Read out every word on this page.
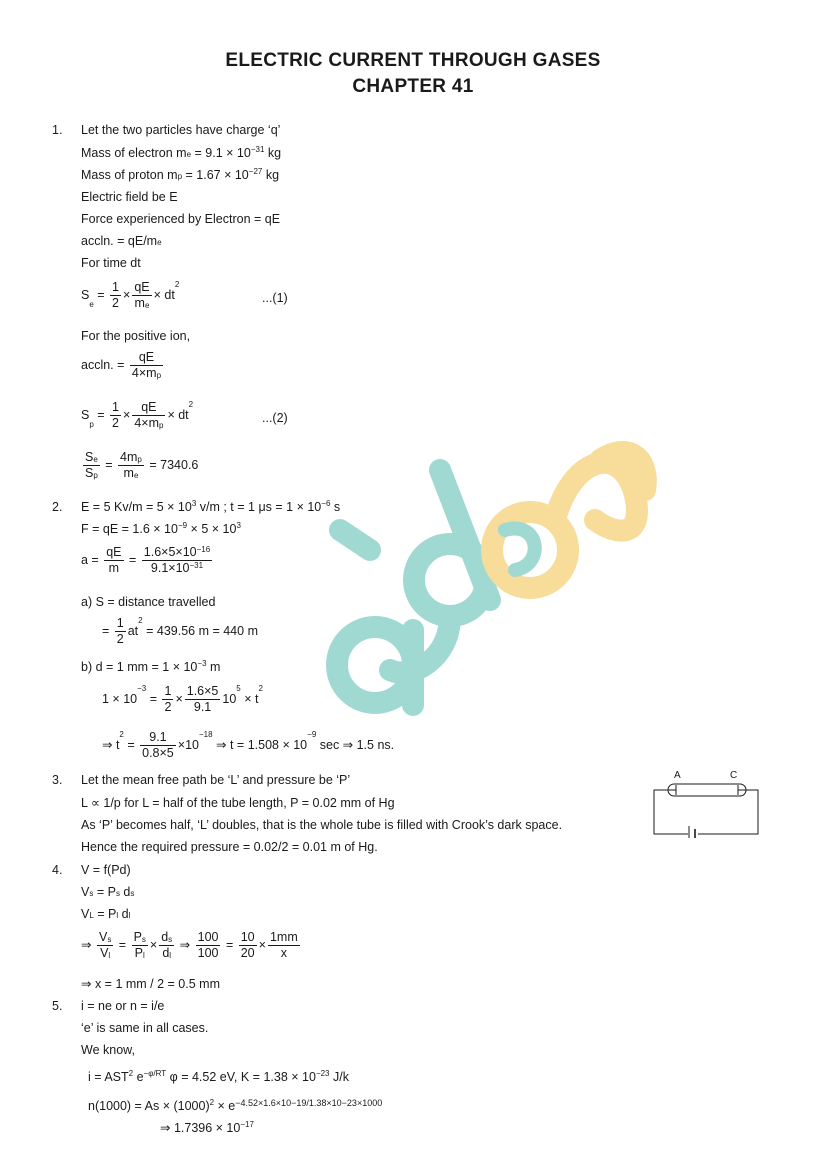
ELECTRIC CURRENT THROUGH GASES
CHAPTER 41
1. Let the two particles have charge ‘q’
Mass of electron $m_e = 9.1 \times 10^{-31}$ kg
Mass of proton $m_p = 1.67 \times 10^{-27}$ kg
Electric field be E
Force experienced by Electron = qE
accln. = $qE/m_e$
For time dt
$S_e = \frac{1}{2} \times \frac{qE}{m_e} \times dt^2$
...(1)
For the positive ion,
accln. = $\frac{qE}{4\times m_p}$
$S_p = \frac{1}{2} \times \frac{qE}{4\times m_p} \times dt^2$
...(2)
$\frac{S_e}{S_p} = \frac{4m_p}{m_e} = 7340.6$
2. E = 5 $Kv/m = 5 \times 10^3$ v/m ; t = 1 $\mu s = 1 \times 10^{-6}$ s
F = qE = $1.6 \times 10^{-9} \times 5 \times 10^3$
$a = \frac{qE}{m} = \frac{1.6\times 5\times 10^{-16}}{9.1\times 10^{-31}}$
a) S = distance travelled
= $\frac{1}{2} at^2 = 439.56$ m = 440 m
b) d = 1 mm = $1 \times 10^{-3}$ m
$1 \times 10^{-3} = \frac{1}{2} \times \frac{1.6\times 5}{9.1} 10^5 \times t^2$
⇒ $t^2 = \frac{9.1}{0.8\times 5} \times 10^{-18}$ ⇒ $t = 1.508 \times 10^{-9}$ sec ⇒ 1.5 ns.
3. Let the mean free path be ‘L’ and pressure be ‘P’
L ∝ 1/p for L = half of the tube length, P = 0.02 mm of Hg
As ‘P’ becomes half, ‘L’ doubles, that is the whole tube is filled with Crook’s dark space.
Hence the required pressure = 0.02/2 = 0.01 m of Hg.
A	C
4. V = f(Pd)
$V_s = P_s$ $d_s$
$V_L = P_l$ $d_l$
⇒ $\frac{V_s}{V_l} = \frac{P_s}{P_l} \times \frac{d_s}{d_l}$ ⇒ $\frac{100}{100} = \frac{10}{20} \times \frac{1mm}{x}$
⇒ x = 1 mm / 2 = 0.5 mm
5. i = ne or n = i/e
‘e’ is same in all cases.
We know,
$i = AST^2$ $e^{-\varphi/RT}$ φ = 4.52 eV, $K = 1.38 \times 10^{-23}$ J/k
$n(1000) = As \times (1000)^2 \times e^{-4.52\times 1.6\times 10-19/1.38\times 10-23\times 1000}$
⇒ $1.7396 \times 10^{-17}$
